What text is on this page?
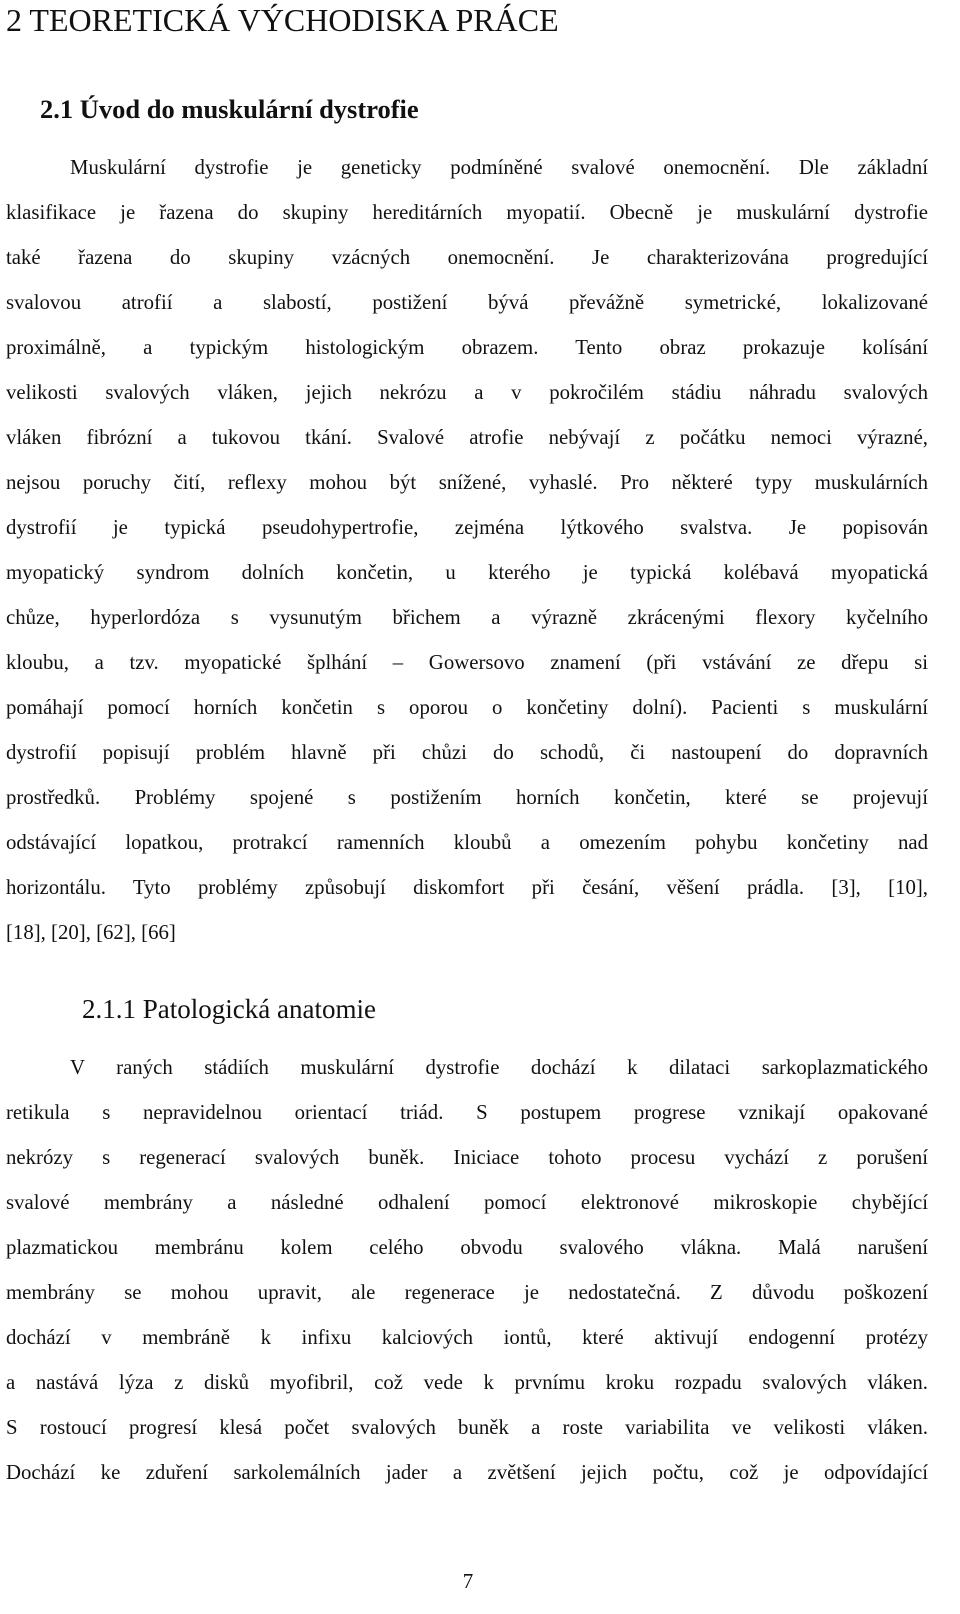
2 TEORETICKÁ VÝCHODISKA PRÁCE
2.1 Úvod do muskulární dystrofie
Muskulární dystrofie je geneticky podmíněné svalové onemocnění. Dle základní
klasifikace je řazena do skupiny hereditárních myopatií. Obecně je muskulární dystrofie
také řazena do skupiny vzácných onemocnění. Je charakterizována progredující
svalovou atrofií a slabostí, postižení bývá převážně symetrické, lokalizované
proximálně, a typickým histologickým obrazem. Tento obraz prokazuje kolísání
velikosti svalových vláken, jejich nekrózu a v pokročilém stádiu náhradu svalových
vláken fibrózní a tukovou tkání. Svalové atrofie nebývají z počátku nemoci výrazné,
nejsou poruchy čití, reflexy mohou být snížené, vyhaslé. Pro některé typy muskulárních
dystrofií je typická pseudohypertrofie, zejména lýtkového svalstva. Je popisován
myopatický syndrom dolních končetin, u kterého je typická kolébavá myopatická
chůze, hyperlordóza s vysunutým břichem a výrazně zkrácenými flexory kyčelního
kloubu, a tzv. myopatické šplhání – Gowersovo znamení (při vstávání ze dřepu si
pomáhají pomocí horních končetin s oporou o končetiny dolní). Pacienti s muskulární
dystrofií popisují problém hlavně při chůzi do schodů, či nastoupení do dopravních
prostředků. Problémy spojené s postižením horních končetin, které se projevují
odstávající lopatkou, protrakcí ramenních kloubů a omezením pohybu končetiny nad
horizontálu. Tyto problémy způsobují diskomfort při česání, věšení prádla. [3], [10],
[18], [20], [62], [66]
2.1.1 Patologická anatomie
V raných stádiích muskulární dystrofie dochází k dilataci sarkoplazmatického
retikula s nepravidelnou orientací triád. S postupem progrese vznikají opakované
nekrózy s regenerací svalových buněk. Iniciace tohoto procesu vychází z porušení
svalové membrány a následné odhalení pomocí elektronové mikroskopie chybějící
plazmatickou membránu kolem celého obvodu svalového vlákna. Malá narušení
membrány se mohou upravit, ale regenerace je nedostatečná. Z důvodu poškození
dochází v membráně k infixu kalciových iontů, které aktivují endogenní protézy
a nastává lýza z disků myofibril, což vede k prvnímu kroku rozpadu svalových vláken.
S rostoucí progresí klesá počet svalových buněk a roste variabilita ve velikosti vláken.
Dochází ke zduření sarkolemálních jader a zvětšení jejich počtu, což je odpovídající
7
